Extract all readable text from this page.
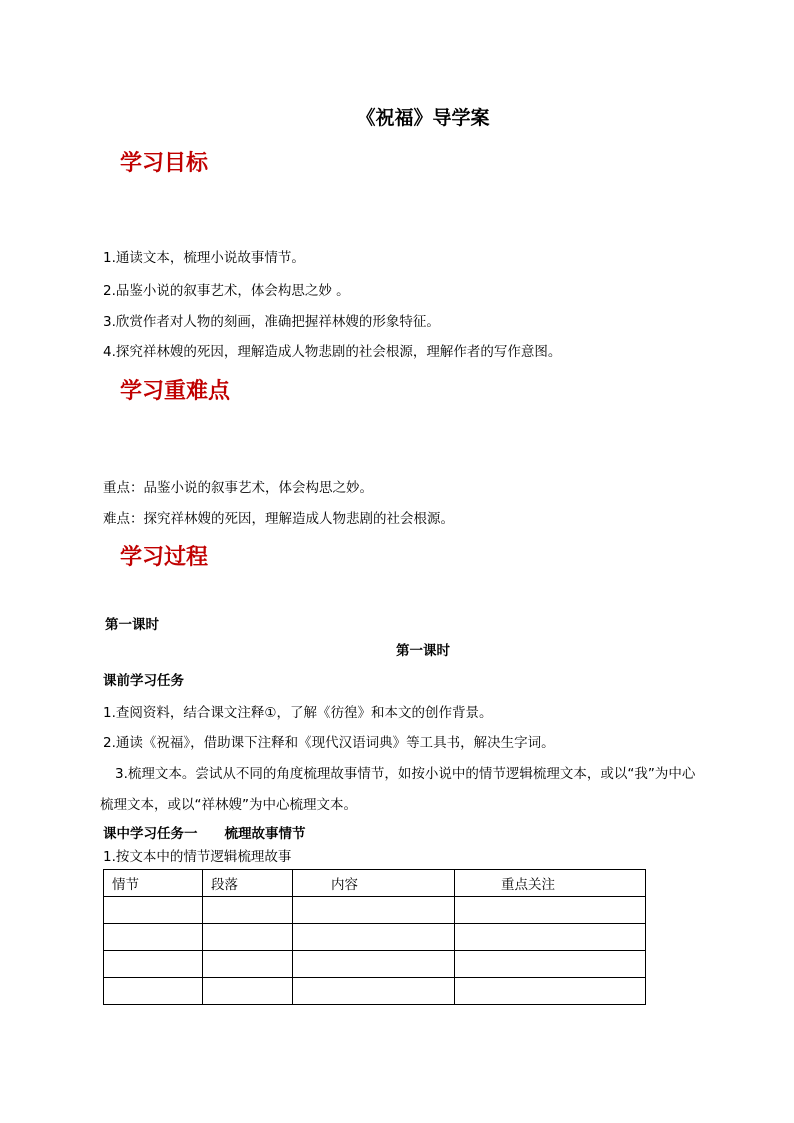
《祝福》导学案
学习目标
1.通读文本，梳理小说故事情节。
2.品鉴小说的叙事艺术，体会构思之妙 。
3.欣赏作者对人物的刻画，准确把握祥林嫂的形象特征。
4.探究祥林嫂的死因，理解造成人物悲剧的社会根源，理解作者的写作意图。
学习重难点
重点：品鉴小说的叙事艺术，体会构思之妙。
难点：探究祥林嫂的死因，理解造成人物悲剧的社会根源。
学习过程
第一课时
第一课时
课前学习任务
1.查阅资料，结合课文注释①，了解《彷徨》和本文的创作背景。
2.通读《祝福》，借助课下注释和《现代汉语词典》等工具书，解决生字词。
3.梳理文本。尝试从不同的角度梳理故事情节，如按小说中的情节逻辑梳理文本，或以“我”为中心
梳理文本，或以“祥林嫂”为中心梳理文本。
课中学习任务一　　梳理故事情节
1.按文本中的情节逻辑梳理故事
情节	段落	内容	重点关注
